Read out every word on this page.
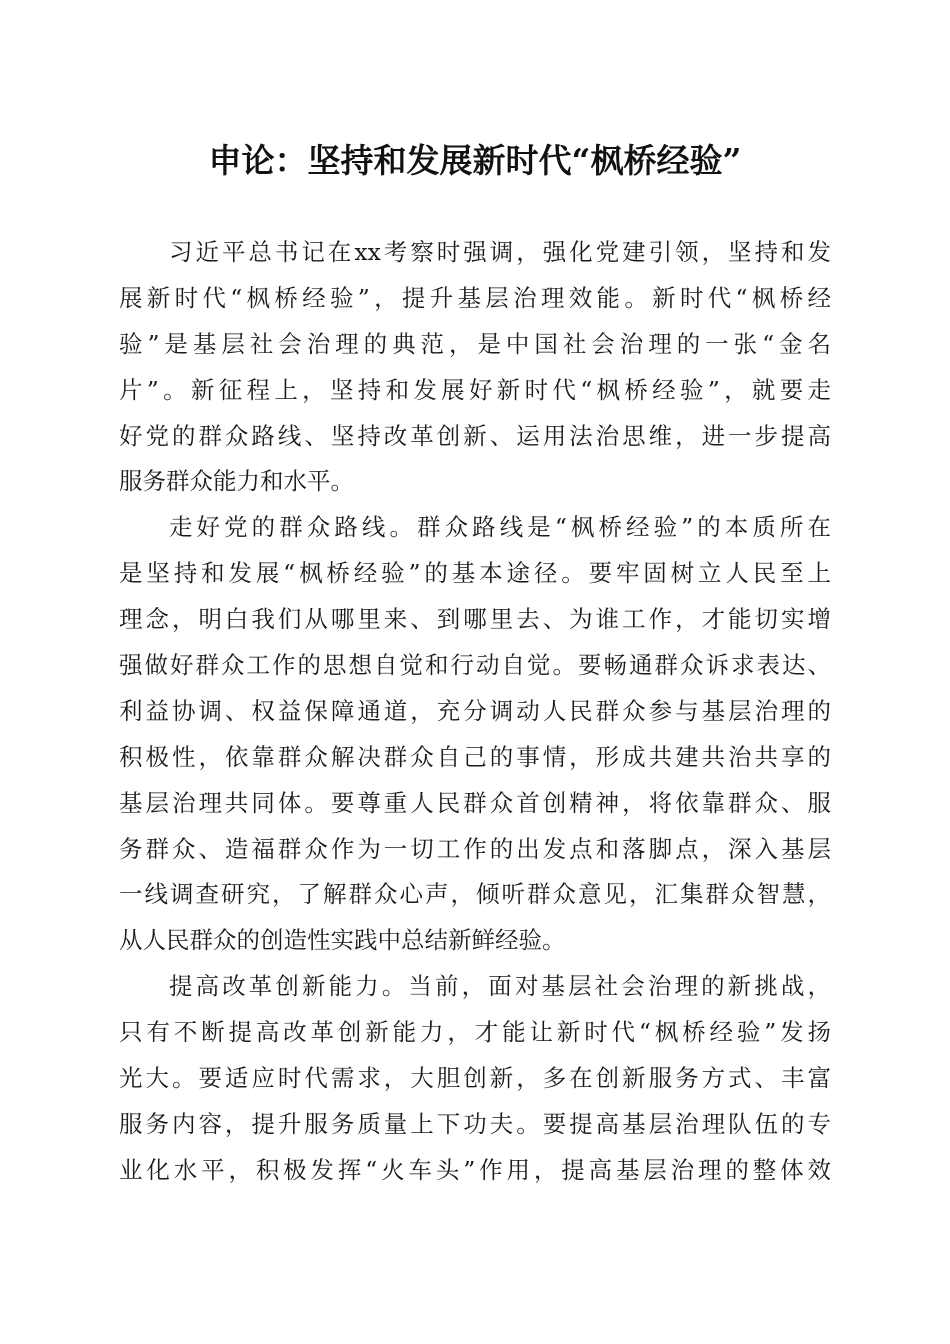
申论：坚持和发展新时代“枫桥经验”
习近平总书记在xx考察时强调，强化党建引领，坚持和发
展新时代“枫桥经验”，提升基层治理效能。新时代“枫桥经
验”是基层社会治理的典范，是中国社会治理的一张“金名
片”。新征程上，坚持和发展好新时代“枫桥经验”，就要走
好党的群众路线、坚持改革创新、运用法治思维，进一步提高
服务群众能力和水平。
走好党的群众路线。群众路线是“枫桥经验”的本质所在
是坚持和发展“枫桥经验”的基本途径。要牢固树立人民至上
理念，明白我们从哪里来、到哪里去、为谁工作，才能切实增
强做好群众工作的思想自觉和行动自觉。要畅通群众诉求表达、
利益协调、权益保障通道，充分调动人民群众参与基层治理的
积极性，依靠群众解决群众自己的事情，形成共建共治共享的
基层治理共同体。要尊重人民群众首创精神，将依靠群众、服
务群众、造福群众作为一切工作的出发点和落脚点，深入基层
一线调查研究，了解群众心声，倾听群众意见，汇集群众智慧，
从人民群众的创造性实践中总结新鲜经验。
提高改革创新能力。当前，面对基层社会治理的新挑战，
只有不断提高改革创新能力，才能让新时代“枫桥经验”发扬
光大。要适应时代需求，大胆创新，多在创新服务方式、丰富
服务内容，提升服务质量上下功夫。要提高基层治理队伍的专
业化水平，积极发挥“火车头”作用，提高基层治理的整体效
